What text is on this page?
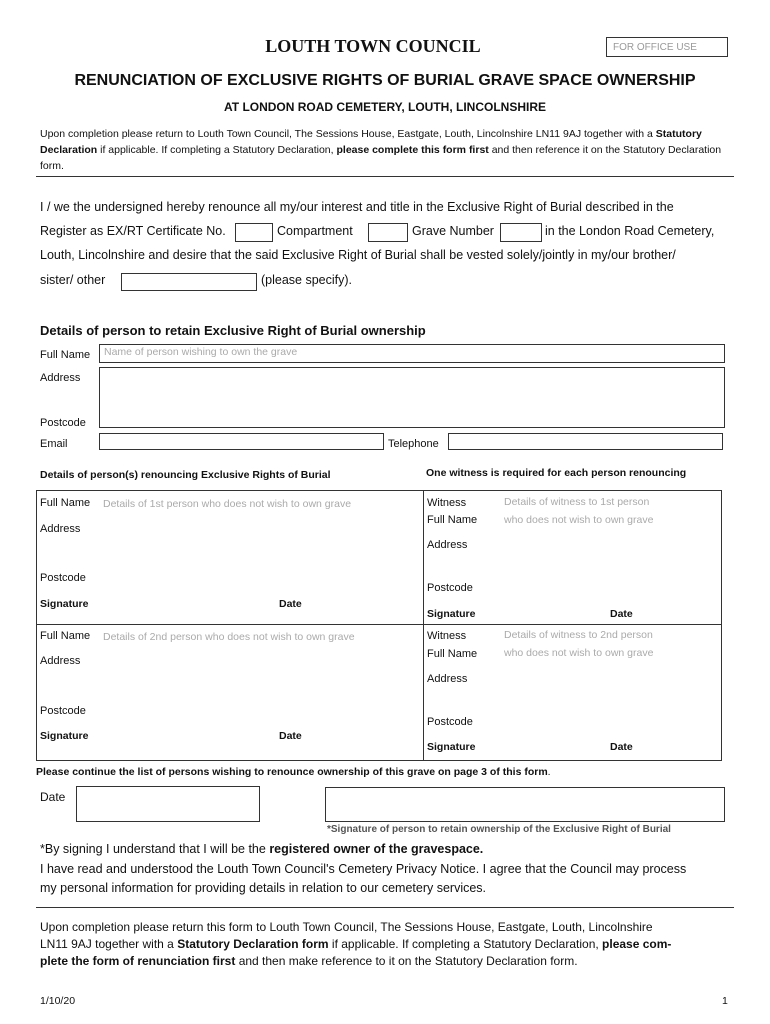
LOUTH TOWN COUNCIL	FOR OFFICE USE
RENUNCIATION OF EXCLUSIVE RIGHTS OF BURIAL GRAVE SPACE OWNERSHIP
AT LONDON ROAD CEMETERY, LOUTH, LINCOLNSHIRE
Upon completion please return to Louth Town Council, The Sessions House, Eastgate, Louth, Lincolnshire LN11 9AJ together with a Statutory Declaration if applicable. If completing a Statutory Declaration, please complete this form first and then reference it on the Statutory Declaration form.
I / we the undersigned hereby renounce all my/our interest and title in the Exclusive Right of Burial described in the
Register as EX/RT Certificate No.	Compartment	Grave Number	in the London Road Cemetery,
Louth, Lincolnshire and desire that the said Exclusive Right of Burial shall be vested solely/jointly in my/our brother/
sister/ other	(please specify).
Details of person to retain Exclusive Right of Burial ownership
Full Name Name of person wishing to own the grave
Address
Postcode
Email	Telephone
Details of person(s) renouncing Exclusive Rights of Burial	One witness is required for each person renouncing
Full Name Details of 1st person who does not wish to own grave
Address
Postcode
Signature	Date
Witness	Details of witness to 1st person
Full Name	who does not wish to own grave
Address
Postcode
Signature	Date
Full Name Details of 2nd person who does not wish to own grave
Address
Postcode
Signature	Date
Witness	Details of witness to 2nd person
Full Name	who does not wish to own grave
Address
Postcode
Signature	Date
Please continue the list of persons wishing to renounce ownership of this grave on page 3 of this form.
Date
*Signature of person to retain ownership of the Exclusive Right of Burial
*By signing I understand that I will be the registered owner of the gravespace.
I have read and understood the Louth Town Council's Cemetery Privacy Notice. I agree that the Council may process
my personal information for providing details in relation to our cemetery services.
Upon completion please return this form to Louth Town Council, The Sessions House, Eastgate, Louth, Lincolnshire
LN11 9AJ together with a Statutory Declaration form if applicable. If completing a Statutory Declaration, please com-
plete the form of renunciation first and then make reference to it on the Statutory Declaration form.
1/10/20	1
